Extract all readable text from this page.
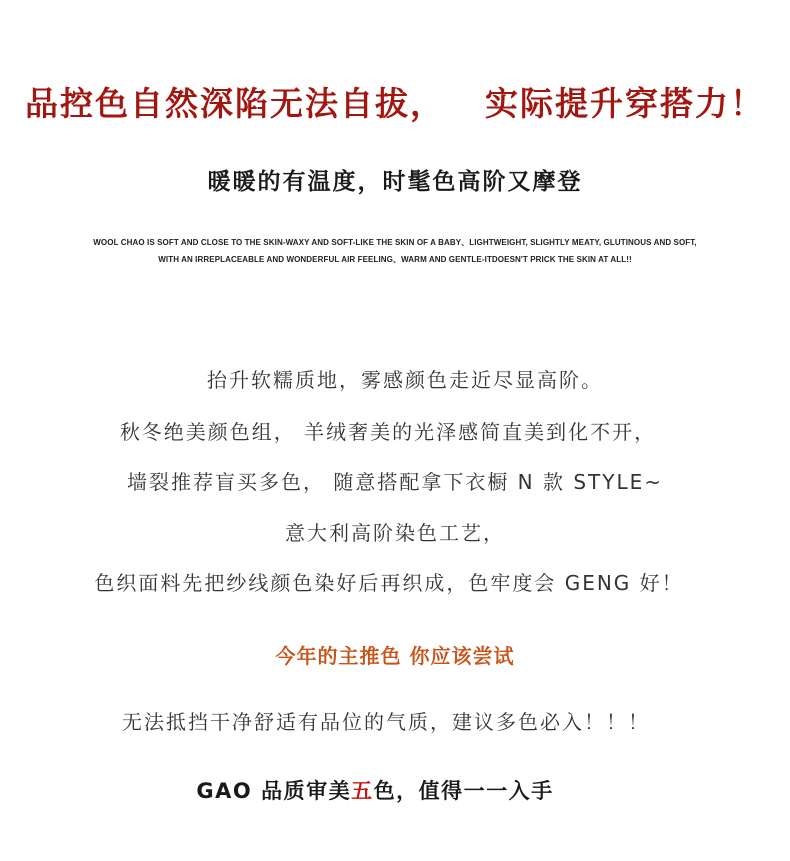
品控色自然深陷无法自拔， 实际提升穿搭力！
暖暖的有温度，时髦色高阶又摩登
WOOL CHAO IS SOFT AND CLOSE TO THE SKIN-WAXY AND SOFT-LIKE THE SKIN OF A BABY、LIGHTWEIGHT, SLIGHTLY MEATY, GLUTINOUS AND SOFT,
WITH AN IRREPLACEABLE AND WONDERFUL AIR FEELING、WARM AND GENTLE-ITDOESN'T PRICK THE SKIN AT ALL!!
抬升软糯质地，雾感颜色走近尽显高阶。
秋冬绝美颜色组， 羊绒奢美的光泽感简直美到化不开，
墙裂推荐盲买多色， 随意搭配拿下衣橱 N 款 STYLE~
意大利高阶染色工艺，
色织面料先把纱线颜色染好后再织成，色牢度会 GENG 好！
今年的主推色 你应该尝试
无法抵挡干净舒适有品位的气质，建议多色必入！！！
GAO 品质审美五色，值得一一入手
